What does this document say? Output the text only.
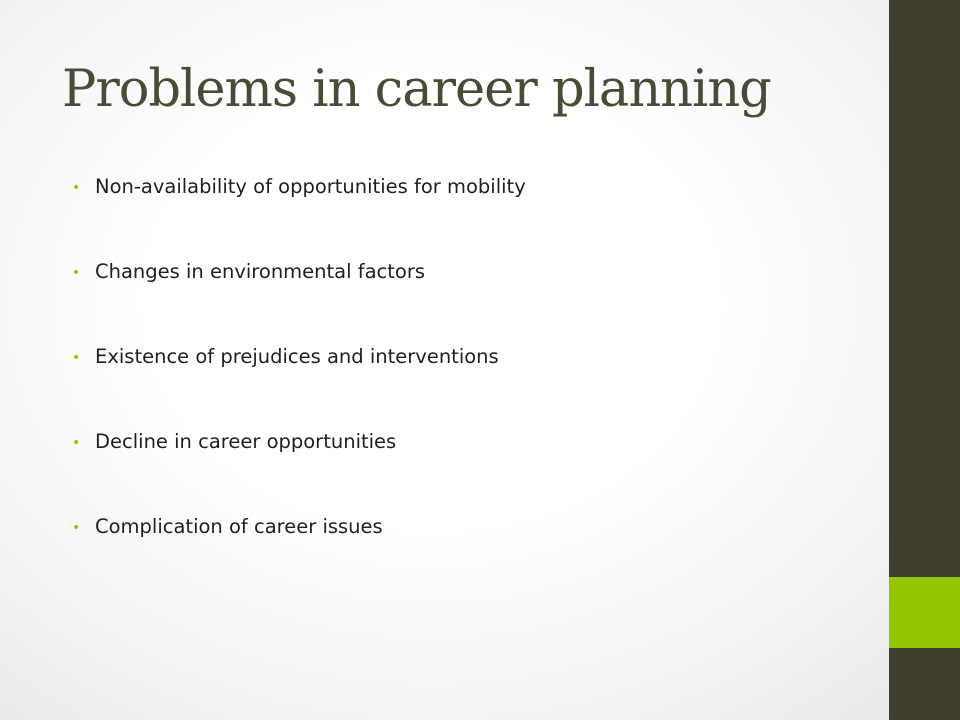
Problems in career planning
• Non-availability of opportunities for mobility
• Changes in environmental factors
• Existence of prejudices and interventions
• Decline in career opportunities
• Complication of career issues
